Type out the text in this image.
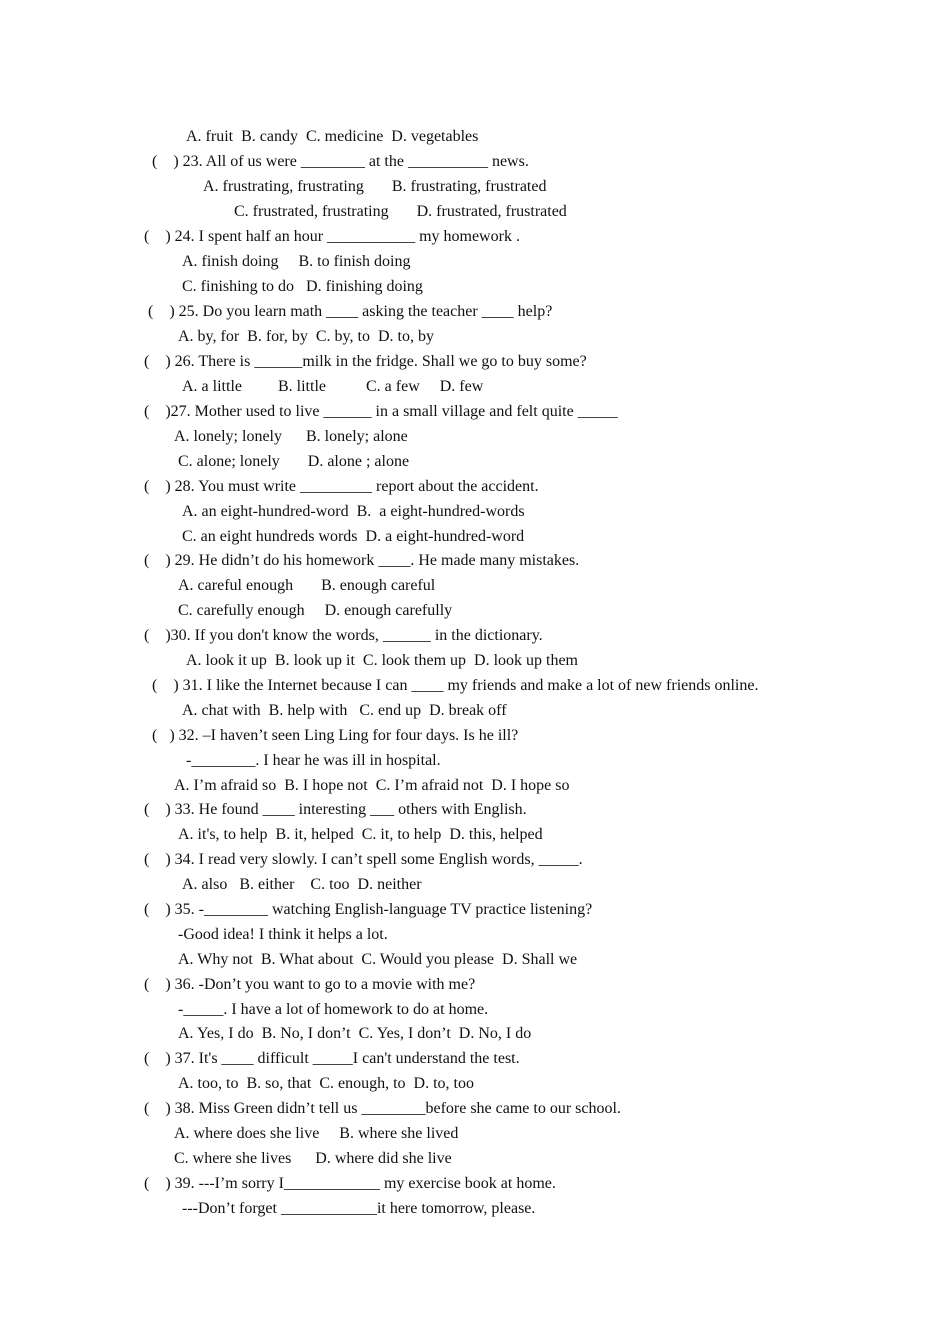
A. fruit  B. candy  C. medicine  D. vegetables
(    ) 23. All of us were ________ at the __________ news.
A. frustrating, frustrating       B. frustrating, frustrated
C. frustrated, frustrating       D. frustrated, frustrated
(    ) 24. I spent half an hour ___________ my homework .
A. finish doing     B. to finish doing
C. finishing to do   D. finishing doing
(    ) 25. Do you learn math ____ asking the teacher ____ help?
A. by, for  B. for, by  C. by, to  D. to, by
(    ) 26. There is ______milk in the fridge. Shall we go to buy some?
A. a little         B. little          C. a few     D. few
(    )27. Mother used to live ______ in a small village and felt quite _____
A. lonely; lonely      B. lonely; alone
C. alone; lonely       D. alone ; alone
(    ) 28. You must write _________ report about the accident.
A. an eight-hundred-word  B.  a eight-hundred-words
C. an eight hundreds words  D. a eight-hundred-word
(    ) 29. He didn’t do his homework ____. He made many mistakes.
A. careful enough       B. enough careful
C. carefully enough     D. enough carefully
(    )30. If you don't know the words, ______ in the dictionary.
A. look it up  B. look up it  C. look them up  D. look up them
(    ) 31. I like the Internet because I can ____ my friends and make a lot of new friends online.
A. chat with  B. help with   C. end up  D. break off
(   ) 32. –I haven’t seen Ling Ling for four days. Is he ill?
-________. I hear he was ill in hospital.
A. I’m afraid so  B. I hope not  C. I’m afraid not  D. I hope so
(    ) 33. He found ____ interesting ___ others with English.
A. it's, to help  B. it, helped  C. it, to help  D. this, helped
(    ) 34. I read very slowly. I can’t spell some English words, _____.
A. also   B. either    C. too  D. neither
(    ) 35. -________ watching English-language TV practice listening?
-Good idea! I think it helps a lot.
A. Why not  B. What about  C. Would you please  D. Shall we
(    ) 36. -Don’t you want to go to a movie with me?
-_____. I have a lot of homework to do at home.
A. Yes, I do  B. No, I don’t  C. Yes, I don’t  D. No, I do
(    ) 37. It's ____ difficult _____I can't understand the test.
A. too, to  B. so, that  C. enough, to  D. to, too
(    ) 38. Miss Green didn’t tell us ________before she came to our school.
A. where does she live     B. where she lived
C. where she lives      D. where did she live
(    ) 39. ---I’m sorry I____________ my exercise book at home.
---Don’t forget ____________it here tomorrow, please.
